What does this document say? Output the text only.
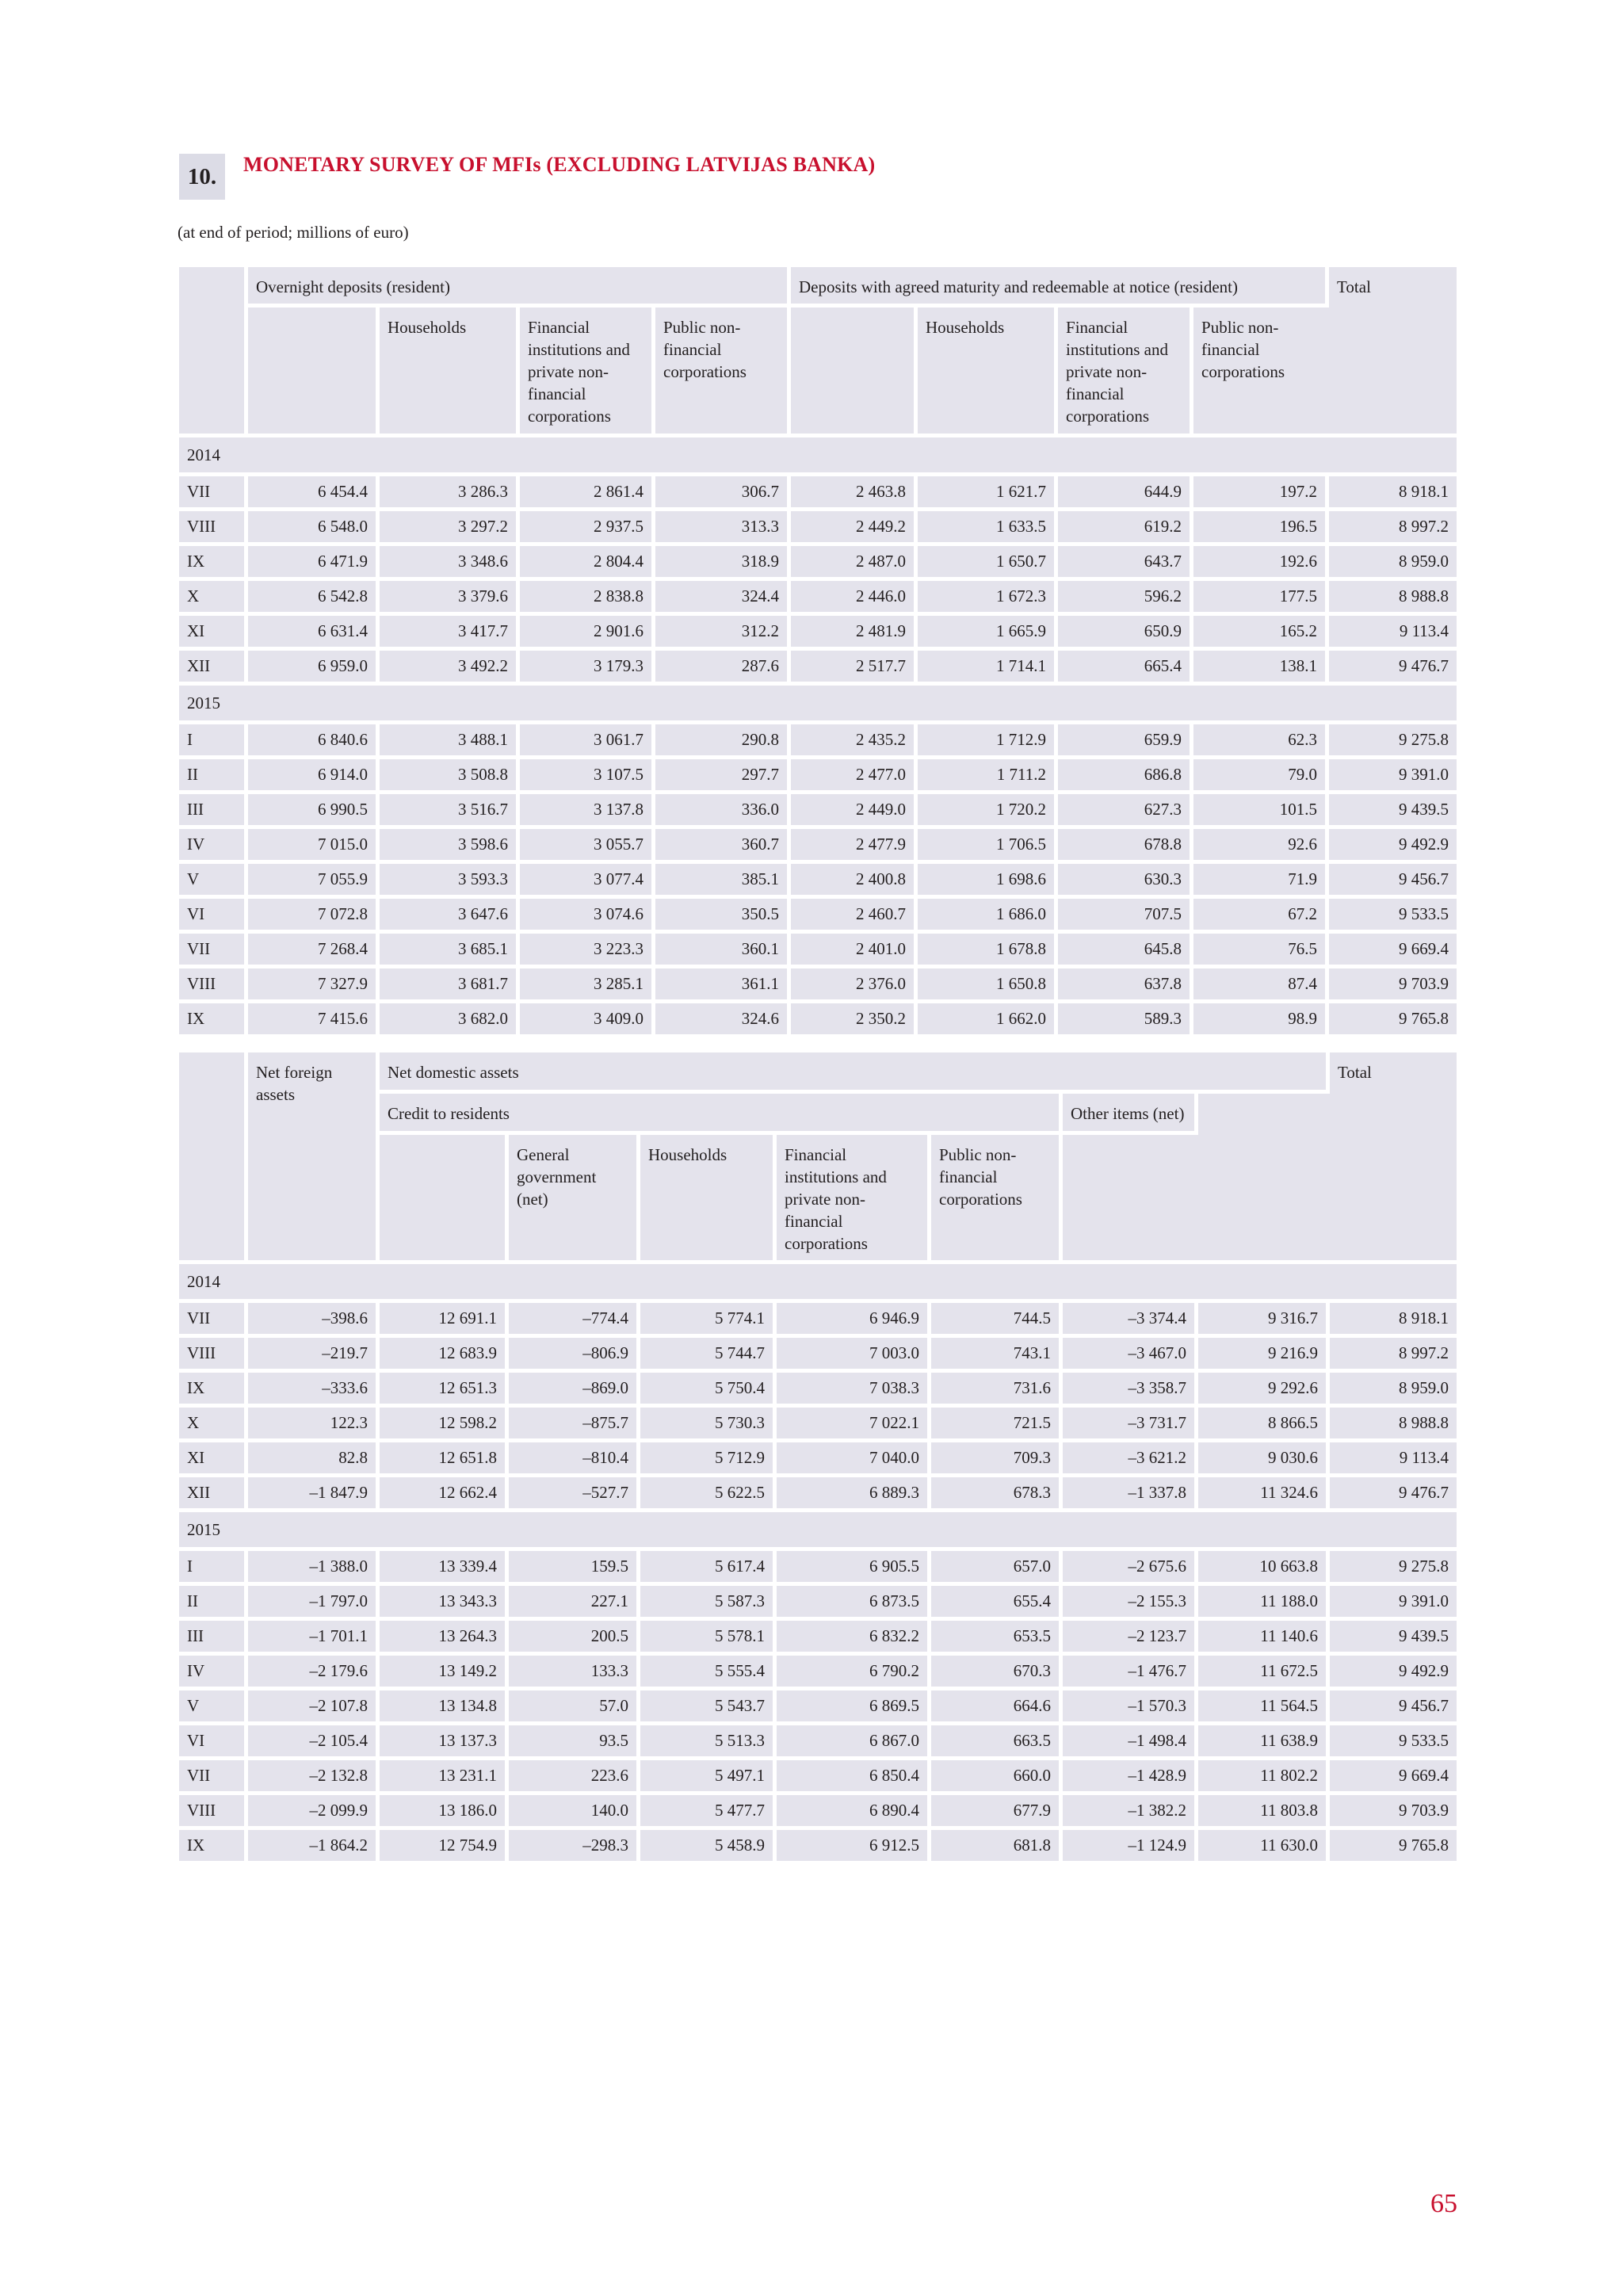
10.	MONETARY SURVEY OF MFIs (EXCLUDING LATVIJAS BANKA)
(at end of period; millions of euro)
	Overnight deposits (resident)				Deposits with agreed maturity and redeemable at notice (resident)				Total
		Households	Financial institutions and private non-financial corporations	Public non-financial corporations		Households	Financial institutions and private non-financial corporations	Public non-financial corporations	
2014									
VII	6 454.4	3 286.3	2 861.4	306.7	2 463.8	1 621.7	644.9	197.2	8 918.1
VIII	6 548.0	3 297.2	2 937.5	313.3	2 449.2	1 633.5	619.2	196.5	8 997.2
IX	6 471.9	3 348.6	2 804.4	318.9	2 487.0	1 650.7	643.7	192.6	8 959.0
X	6 542.8	3 379.6	2 838.8	324.4	2 446.0	1 672.3	596.2	177.5	8 988.8
XI	6 631.4	3 417.7	2 901.6	312.2	2 481.9	1 665.9	650.9	165.2	9 113.4
XII	6 959.0	3 492.2	3 179.3	287.6	2 517.7	1 714.1	665.4	138.1	9 476.7
2015									
I	6 840.6	3 488.1	3 061.7	290.8	2 435.2	1 712.9	659.9	62.3	9 275.8
II	6 914.0	3 508.8	3 107.5	297.7	2 477.0	1 711.2	686.8	79.0	9 391.0
III	6 990.5	3 516.7	3 137.8	336.0	2 449.0	1 720.2	627.3	101.5	9 439.5
IV	7 015.0	3 598.6	3 055.7	360.7	2 477.9	1 706.5	678.8	92.6	9 492.9
V	7 055.9	3 593.3	3 077.4	385.1	2 400.8	1 698.6	630.3	71.9	9 456.7
VI	7 072.8	3 647.6	3 074.6	350.5	2 460.7	1 686.0	707.5	67.2	9 533.5
VII	7 268.4	3 685.1	3 223.3	360.1	2 401.0	1 678.8	645.8	76.5	9 669.4
VIII	7 327.9	3 681.7	3 285.1	361.1	2 376.0	1 650.8	637.8	87.4	9 703.9
IX	7 415.6	3 682.0	3 409.0	324.6	2 350.2	1 662.0	589.3	98.9	9 765.8
	Net foreign assets	Net domestic assets							Total
		Credit to residents					Other items (net)		
			General government (net)	Households	Financial institutions and private non-financial corporations	Public non-financial corporations			
2014									
VII	–398.6	12 691.1	–774.4	5 774.1	6 946.9	744.5	–3 374.4	9 316.7	8 918.1
VIII	–219.7	12 683.9	–806.9	5 744.7	7 003.0	743.1	–3 467.0	9 216.9	8 997.2
IX	–333.6	12 651.3	–869.0	5 750.4	7 038.3	731.6	–3 358.7	9 292.6	8 959.0
X	122.3	12 598.2	–875.7	5 730.3	7 022.1	721.5	–3 731.7	8 866.5	8 988.8
XI	82.8	12 651.8	–810.4	5 712.9	7 040.0	709.3	–3 621.2	9 030.6	9 113.4
XII	–1 847.9	12 662.4	–527.7	5 622.5	6 889.3	678.3	–1 337.8	11 324.6	9 476.7
2015									
I	–1 388.0	13 339.4	159.5	5 617.4	6 905.5	657.0	–2 675.6	10 663.8	9 275.8
II	–1 797.0	13 343.3	227.1	5 587.3	6 873.5	655.4	–2 155.3	11 188.0	9 391.0
III	–1 701.1	13 264.3	200.5	5 578.1	6 832.2	653.5	–2 123.7	11 140.6	9 439.5
IV	–2 179.6	13 149.2	133.3	5 555.4	6 790.2	670.3	–1 476.7	11 672.5	9 492.9
V	–2 107.8	13 134.8	57.0	5 543.7	6 869.5	664.6	–1 570.3	11 564.5	9 456.7
VI	–2 105.4	13 137.3	93.5	5 513.3	6 867.0	663.5	–1 498.4	11 638.9	9 533.5
VII	–2 132.8	13 231.1	223.6	5 497.1	6 850.4	660.0	–1 428.9	11 802.2	9 669.4
VIII	–2 099.9	13 186.0	140.0	5 477.7	6 890.4	677.9	–1 382.2	11 803.8	9 703.9
IX	–1 864.2	12 754.9	–298.3	5 458.9	6 912.5	681.8	–1 124.9	11 630.0	9 765.8
65
